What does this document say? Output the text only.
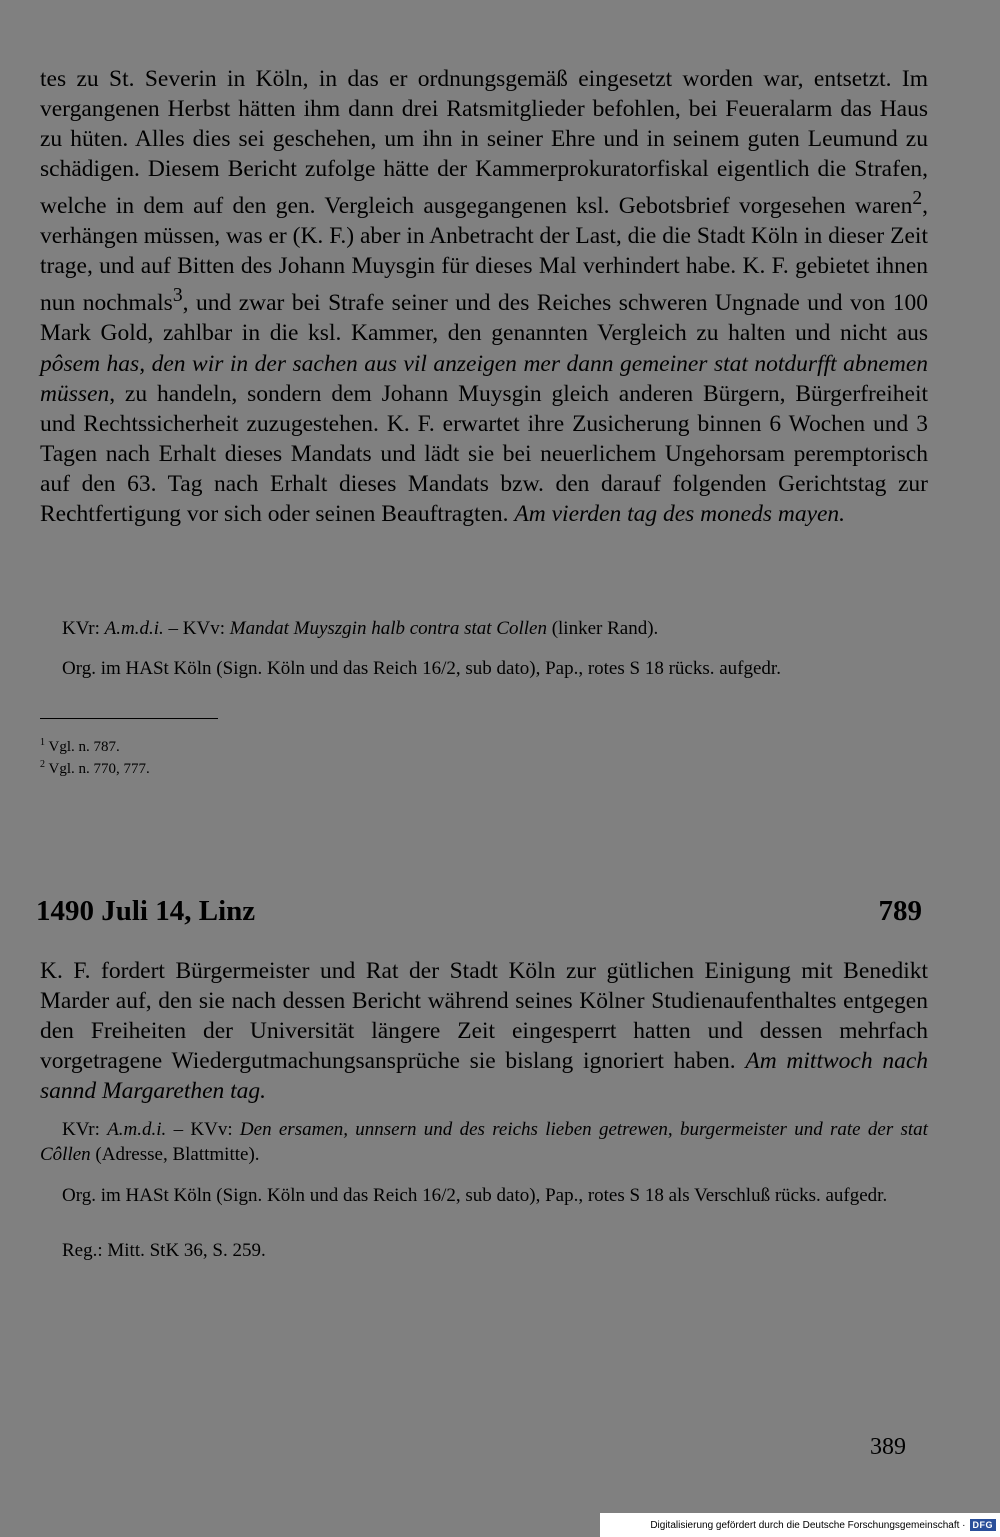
tes zu St. Severin in Köln, in das er ordnungsgemäß eingesetzt worden war, entsetzt. Im vergangenen Herbst hätten ihm dann drei Ratsmitglieder befohlen, bei Feueralarm das Haus zu hüten. Alles dies sei geschehen, um ihn in seiner Ehre und in seinem guten Leumund zu schädigen. Diesem Bericht zufolge hätte der Kammerprokuratorfiskal eigentlich die Strafen, welche in dem auf den gen. Vergleich ausgegangenen ksl. Gebotsbrief vorgesehen waren$^2$, verhängen müssen, was er (K. F.) aber in Anbetracht der Last, die die Stadt Köln in dieser Zeit trage, und auf Bitten des Johann Muysgin für dieses Mal verhindert habe. K. F. gebietet ihnen nun nochmals$^3$, und zwar bei Strafe seiner und des Reiches schweren Ungnade und von 100 Mark Gold, zahlbar in die ksl. Kammer, den genannten Vergleich zu halten und nicht aus pôsem has, den wir in der sachen aus vil anzeigen mer dann gemeiner stat notdurfft abnemen müssen, zu handeln, sondern dem Johann Muysgin gleich anderen Bürgern, Bürgerfreiheit und Rechtssicherheit zuzugestehen. K. F. erwartet ihre Zusicherung binnen 6 Wochen und 3 Tagen nach Erhalt dieses Mandats und lädt sie bei neuerlichem Ungehorsam peremptorisch auf den 63. Tag nach Erhalt dieses Mandats bzw. den darauf folgenden Gerichtstag zur Rechtfertigung vor sich oder seinen Beauftragten. Am vierden tag des moneds mayen.

KVr: A.m.d.i. – KVv: Mandat Muyszgin halb contra stat Collen (linker Rand).

Org. im HASt Köln (Sign. Köln und das Reich 16/2, sub dato), Pap., rotes S 18 rücks. aufgedr.

$^1$ Vgl. n. 787.

$^2$ Vgl. n. 770, 777.

1490 Juli 14, Linz	789

K. F. fordert Bürgermeister und Rat der Stadt Köln zur gütlichen Einigung mit Benedikt Marder auf, den sie nach dessen Bericht während seines Kölner Studienaufenthaltes entgegen den Freiheiten der Universität längere Zeit eingesperrt hatten und dessen mehrfach vorgetragene Wiedergutmachungsansprüche sie bislang ignoriert haben. Am mittwoch nach sannd Margarethen tag.

KVr: A.m.d.i. – KVv: Den ersamen, unnsern und des reichs lieben getrewen, burgermeister und rate der stat Côllen (Adresse, Blattmitte).

Org. im HASt Köln (Sign. Köln und das Reich 16/2, sub dato), Pap., rotes S 18 als Verschluß rücks. aufgedr.

Reg.: Mitt. StK 36, S. 259.

389
Digitalisierung gefördert durch die Deutsche Forschungsgemeinschaft · DFG
